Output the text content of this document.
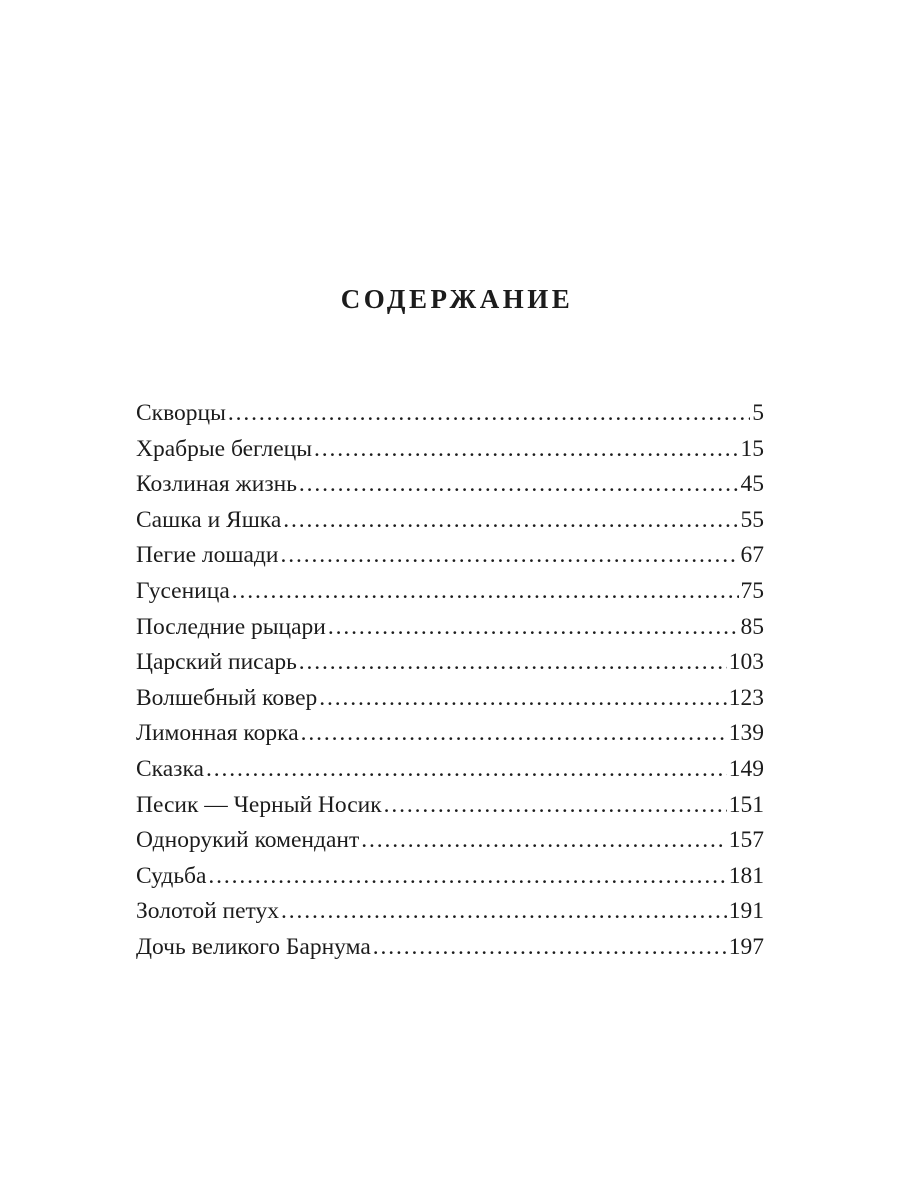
СОДЕРЖАНИЕ
Скворцы . . .	5
Храбрые беглецы . . .	15
Козлиная жизнь . . .	45
Сашка и Яшка . . .	55
Пегие лошади . . .	67
Гусеница . . .	75
Последние рыцари . . .	85
Царский писарь . . .	103
Волшебный ковер . . .	123
Лимонная корка . . .	139
Сказка . . .	149
Песик — Черный Носик . . .	151
Однорукий комендант . . .	157
Судьба . . .	181
Золотой петух . . .	191
Дочь великого Барнума . . .	197
